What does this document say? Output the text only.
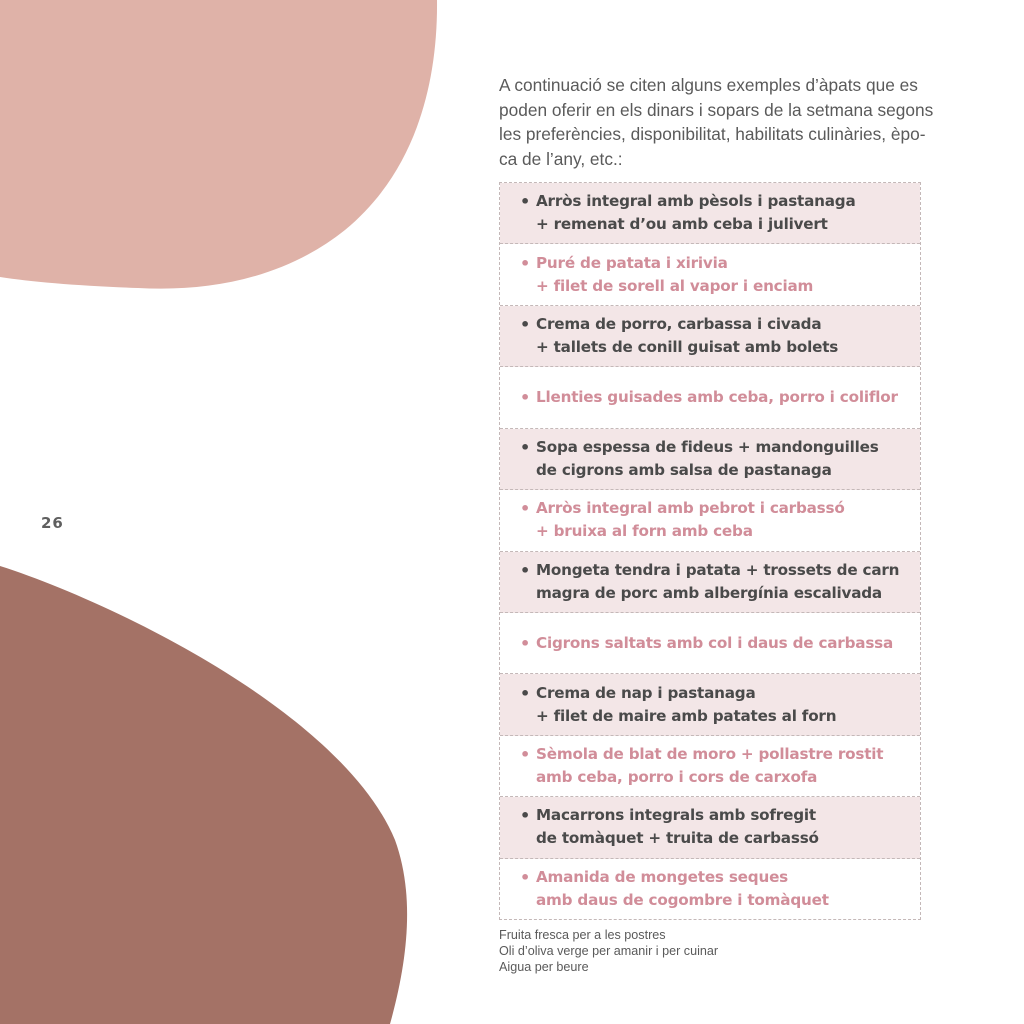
26

A continuació se citen alguns exemples d’àpats que es
poden oferir en els dinars i sopars de la setmana segons
les preferències, disponibilitat, habilitats culinàries, èpo-
ca de l’any, etc.:

• Arròs integral amb pèsols i pastanaga
+ remenat d’ou amb ceba i julivert
• Puré de patata i xirivia
+ filet de sorell al vapor i enciam
• Crema de porro, carbassa i civada
+ tallets de conill guisat amb bolets
• Llenties guisades amb ceba, porro i coliflor
• Sopa espessa de fideus + mandonguilles
de cigrons amb salsa de pastanaga
• Arròs integral amb pebrot i carbassó
+ bruixa al forn amb ceba
• Mongeta tendra i patata + trossets de carn
magra de porc amb albergínia escalivada
• Cigrons saltats amb col i daus de carbassa
• Crema de nap i pastanaga
+ filet de maire amb patates al forn
• Sèmola de blat de moro + pollastre rostit
amb ceba, porro i cors de carxofa
• Macarrons integrals amb sofregit
de tomàquet + truita de carbassó
• Amanida de mongetes seques
amb daus de cogombre i tomàquet
Fruita fresca per a les postres
Oli d’oliva verge per amanir i per cuinar
Aigua per beure
